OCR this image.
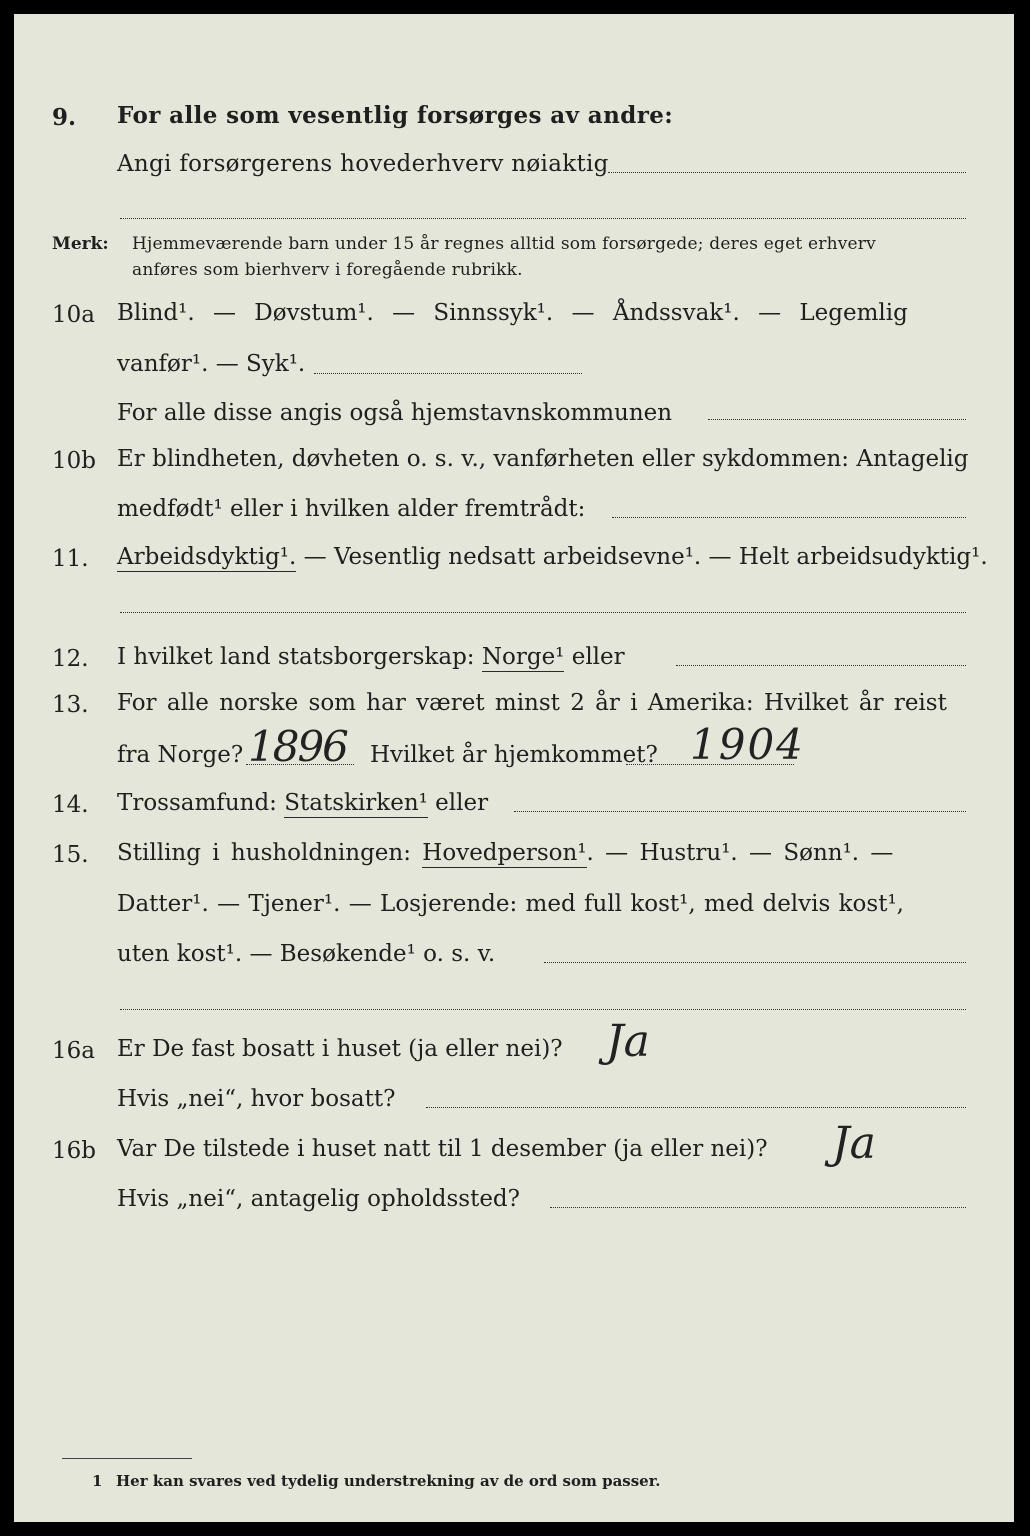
9. For alle som vesentlig forsørges av andre:
Angi forsørgerens hovederhverv nøiaktig
Merk: Hjemmeværende barn under 15 år regnes alltid som forsørgede; deres eget erhverv
anføres som bierhverv i foregående rubrikk.
10a Blind¹. — Døvstum¹. — Sinnssyk¹. — Åndssvak¹. — Legemlig
vanfør¹. — Syk¹.
For alle disse angis også hjemstavnskommunen
10b Er blindheten, døvheten o. s. v., vanførheten eller sykdommen: Antagelig
medfødt¹ eller i hvilken alder fremtrådt:
11. Arbeidsdyktig¹. — Vesentlig nedsatt arbeidsevne¹. — Helt arbeidsudyktig¹.
12. I hvilket land statsborgerskap: Norge¹ eller
13. For alle norske som har været minst 2 år i Amerika: Hvilket år reist
fra Norge? 1896 Hvilket år hjemkommet? 1904
14. Trossamfund: Statskirken¹ eller
15. Stilling i husholdningen: Hovedperson¹. — Hustru¹. — Sønn¹. —
Datter¹. — Tjener¹. — Losjerende: med full kost¹, med delvis kost¹,
uten kost¹. — Besøkende¹ o. s. v.
16a Er De fast bosatt i huset (ja eller nei)? Ja
Hvis „nei“, hvor bosatt?
16b Var De tilstede i huset natt til 1 desember (ja eller nei)? Ja
Hvis „nei“, antagelig opholdssted?
1 Her kan svares ved tydelig understrekning av de ord som passer.
